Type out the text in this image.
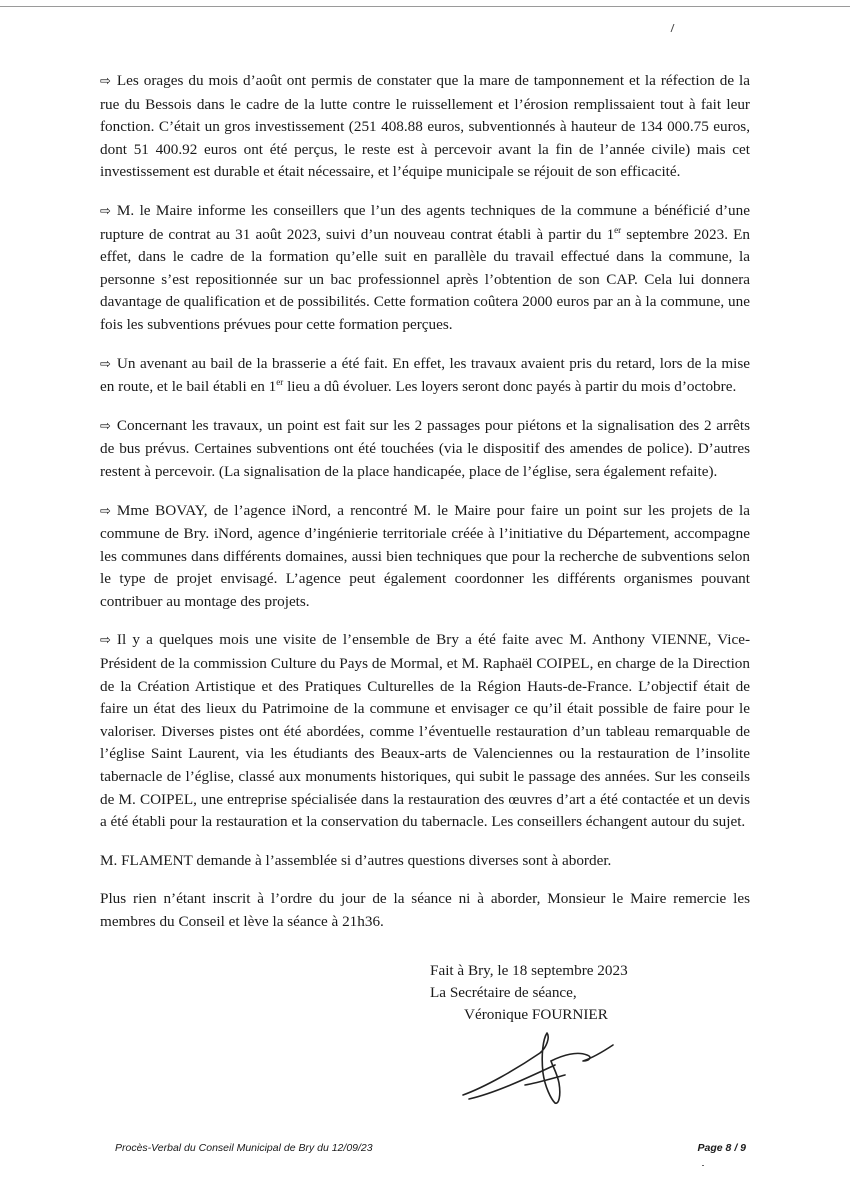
⇨ Les orages du mois d’août ont permis de constater que la mare de tamponnement et la réfection de la rue du Bessois dans le cadre de la lutte contre le ruissellement et l’érosion remplissaient tout à fait leur fonction. C’était un gros investissement (251 408.88 euros, subventionnés à hauteur de 134 000.75 euros, dont 51 400.92 euros ont été perçus, le reste est à percevoir avant la fin de l’année civile) mais cet investissement est durable et était nécessaire, et l’équipe municipale se réjouit de son efficacité.

⇨ M. le Maire informe les conseillers que l’un des agents techniques de la commune a bénéficié d’une rupture de contrat au 31 août 2023, suivi d’un nouveau contrat établi à partir du 1er septembre 2023. En effet, dans le cadre de la formation qu’elle suit en parallèle du travail effectué dans la commune, la personne s’est repositionnée sur un bac professionnel après l’obtention de son CAP. Cela lui donnera davantage de qualification et de possibilités. Cette formation coûtera 2000 euros par an à la commune, une fois les subventions prévues pour cette formation perçues.

⇨ Un avenant au bail de la brasserie a été fait. En effet, les travaux avaient pris du retard, lors de la mise en route, et le bail établi en 1er lieu a dû évoluer. Les loyers seront donc payés à partir du mois d’octobre.

⇨ Concernant les travaux, un point est fait sur les 2 passages pour piétons et la signalisation des 2 arrêts de bus prévus. Certaines subventions ont été touchées (via le dispositif des amendes de police). D’autres restent à percevoir. (La signalisation de la place handicapée, place de l’église, sera également refaite).

⇨ Mme BOVAY, de l’agence iNord, a rencontré M. le Maire pour faire un point sur les projets de la commune de Bry. iNord, agence d’ingénierie territoriale créée à l’initiative du Département, accompagne les communes dans différents domaines, aussi bien techniques que pour la recherche de subventions selon le type de projet envisagé. L’agence peut également coordonner les différents organismes pouvant contribuer au montage des projets.

⇨ Il y a quelques mois une visite de l’ensemble de Bry a été faite avec M. Anthony VIENNE, Vice-Président de la commission Culture du Pays de Mormal, et M. Raphaël COIPEL, en charge de la Direction de la Création Artistique et des Pratiques Culturelles de la Région Hauts-de-France. L’objectif était de faire un état des lieux du Patrimoine de la commune et envisager ce qu’il était possible de faire pour le valoriser. Diverses pistes ont été abordées, comme l’éventuelle restauration d’un tableau remarquable de l’église Saint Laurent, via les étudiants des Beaux-arts de Valenciennes ou la restauration de l’insolite tabernacle de l’église, classé aux monuments historiques, qui subit le passage des années. Sur les conseils de M. COIPEL, une entreprise spécialisée dans la restauration des œuvres d’art a été contactée et un devis a été établi pour la restauration et la conservation du tabernacle. Les conseillers échangent autour du sujet.

M. FLAMENT demande à l’assemblée si d’autres questions diverses sont à aborder.

Plus rien n’étant inscrit à l’ordre du jour de la séance ni à aborder, Monsieur le Maire remercie les membres du Conseil et lève la séance à 21h36.

Fait à Bry, le 18 septembre 2023
La Secrétaire de séance,
Véronique FOURNIER
Procès-Verbal du Conseil Municipal de Bry du 12/09/23	Page 8 / 9
